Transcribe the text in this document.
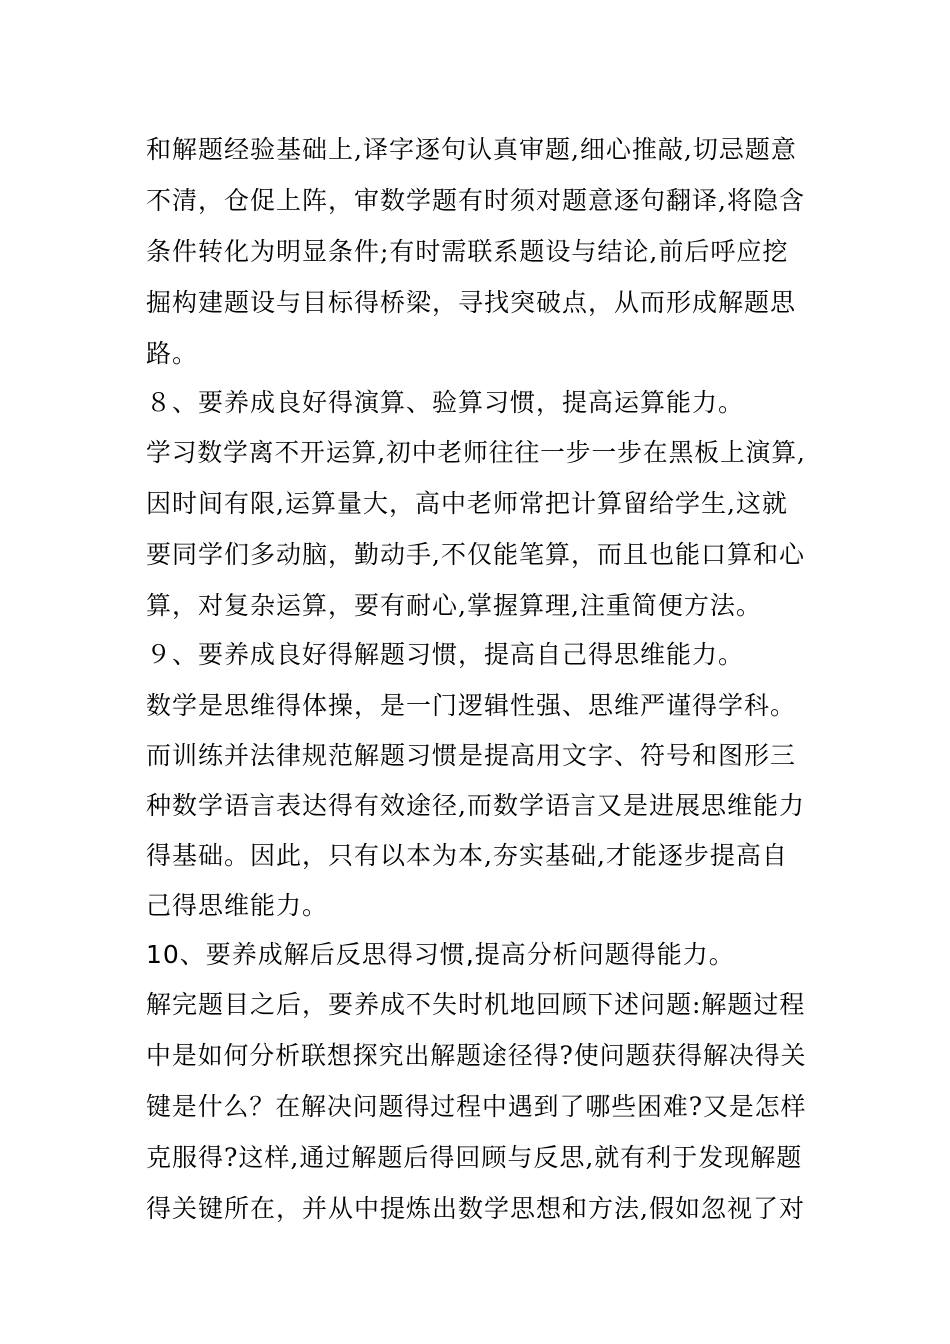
和解题经验基础上,译字逐句认真审题,细心推敲,切忌题意
不清，仓促上阵，审数学题有时须对题意逐句翻译,将隐含
条件转化为明显条件;有时需联系题设与结论,前后呼应挖
掘构建题设与目标得桥梁，寻找突破点，从而形成解题思
路。
８、要养成良好得演算、验算习惯，提高运算能力。
学习数学离不开运算,初中老师往往一步一步在黑板上演算,
因时间有限,运算量大，高中老师常把计算留给学生,这就
要同学们多动脑，勤动手,不仅能笔算，而且也能口算和心
算，对复杂运算，要有耐心,掌握算理,注重简便方法。
９、要养成良好得解题习惯，提高自己得思维能力。
数学是思维得体操，是一门逻辑性强、思维严谨得学科。
而训练并法律规范解题习惯是提高用文字、符号和图形三
种数学语言表达得有效途径,而数学语言又是进展思维能力
得基础。因此，只有以本为本,夯实基础,才能逐步提高自
己得思维能力。
10、要养成解后反思得习惯,提高分析问题得能力。
解完题目之后，要养成不失时机地回顾下述问题:解题过程
中是如何分析联想探究出解题途径得?使问题获得解决得关
键是什么？在解决问题得过程中遇到了哪些困难?又是怎样
克服得?这样,通过解题后得回顾与反思,就有利于发现解题
得关键所在，并从中提炼出数学思想和方法,假如忽视了对
